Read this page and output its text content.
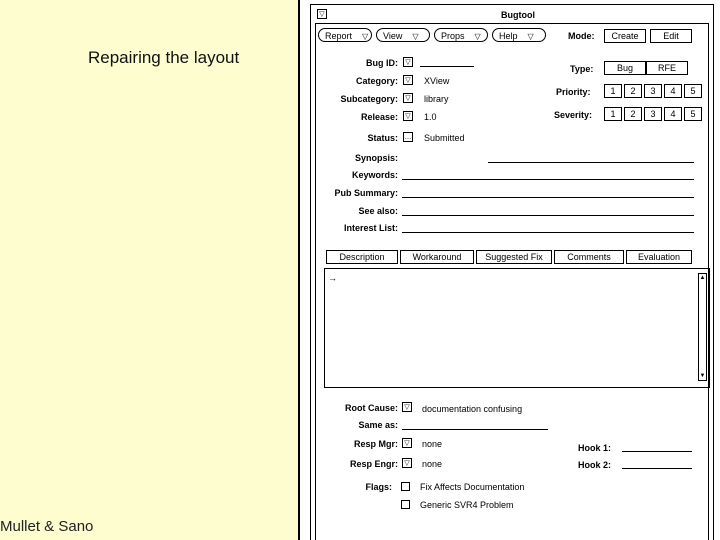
Repairing the layout
Mullet & Sano
▽	Bugtool
Report ▽	View ▽	Props ▽	Help ▽	Mode:	Create	Edit
Bug ID:	▽
Category:	▽ XView
Subcategory:	▽ library
Release:	▽ 1.0
Status: … Submitted
Type:	Bug	RFE
Priority:	1	2	3	4	5
Severity:	1	2	3	4	5
Synopsis:
Keywords:
Pub Summary:
See also:
Interest List:
Description	Workaround	Suggested Fix	Comments	Evaluation
→	▲
▼
Root Cause: ▽ documentation confusing
Same as:
Resp Mgr: ▽ none
Resp Engr: ▽ none
Hook 1:
Hook 2:
Flags:	Fix Affects Documentation
Generic SVR4 Problem
